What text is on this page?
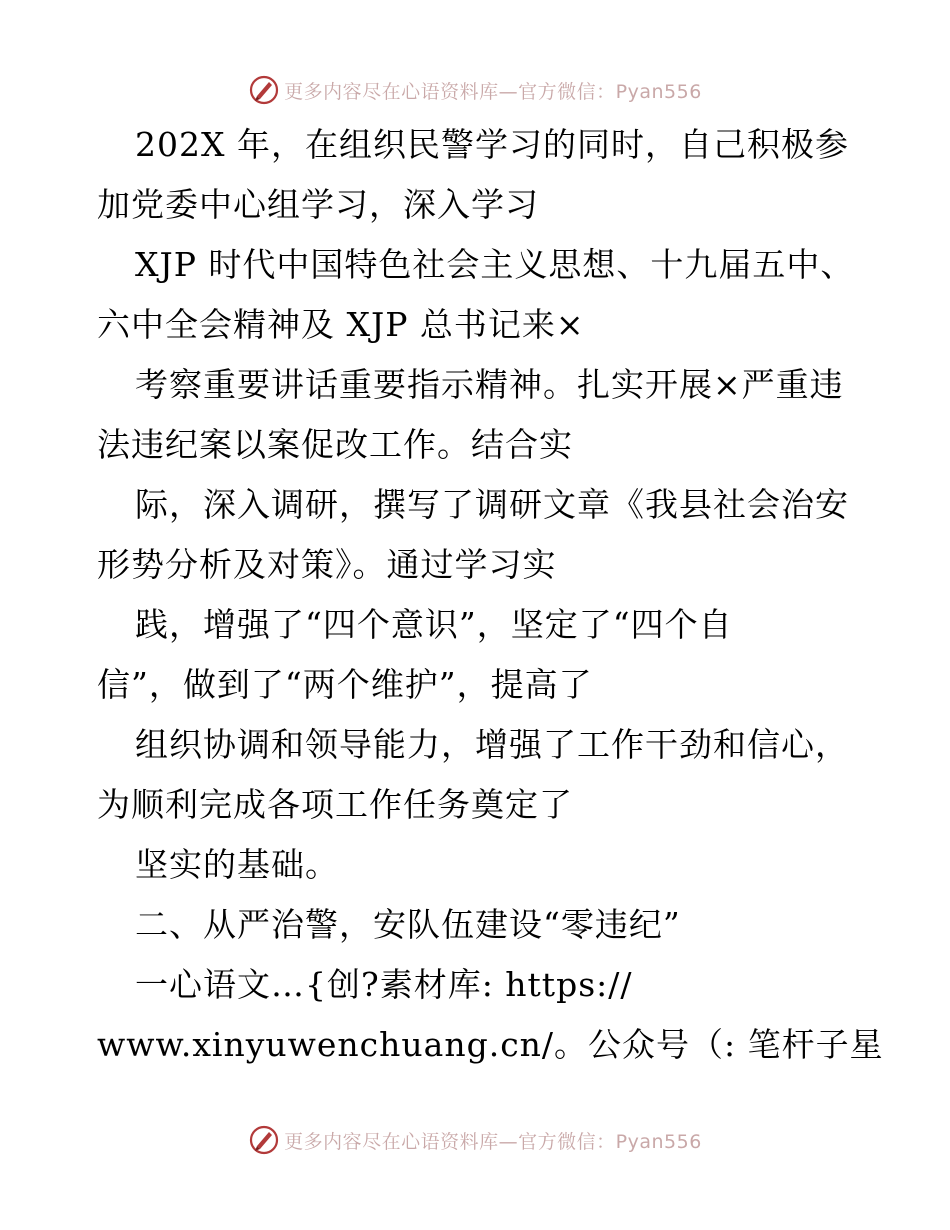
更多内容尽在心语资料库—官方微信：Pyan556
202X 年，在组织民警学习的同时，自己积极参
加党委中心组学习，深入学习
XJP 时代中国特色社会主义思想、十九届五中、
六中全会精神及 XJP 总书记来×
考察重要讲话重要指示精神。扎实开展×严重违
法违纪案以案促改工作。结合实
际，深入调研，撰写了调研文章《我县社会治安
形势分析及对策》。通过学习实
践，增强了“四个意识”，坚定了“四个自
信”，做到了“两个维护”，提高了
组织协调和领导能力，增强了工作干劲和信心，
为顺利完成各项工作任务奠定了
坚实的基础。
二、从严治警，安队伍建设“零违纪”
一心语文…{创?素材库: https://
www.xinyuwenchuang.cn/。公众号（: 笔杆子星
更多内容尽在心语资料库—官方微信：Pyan556
